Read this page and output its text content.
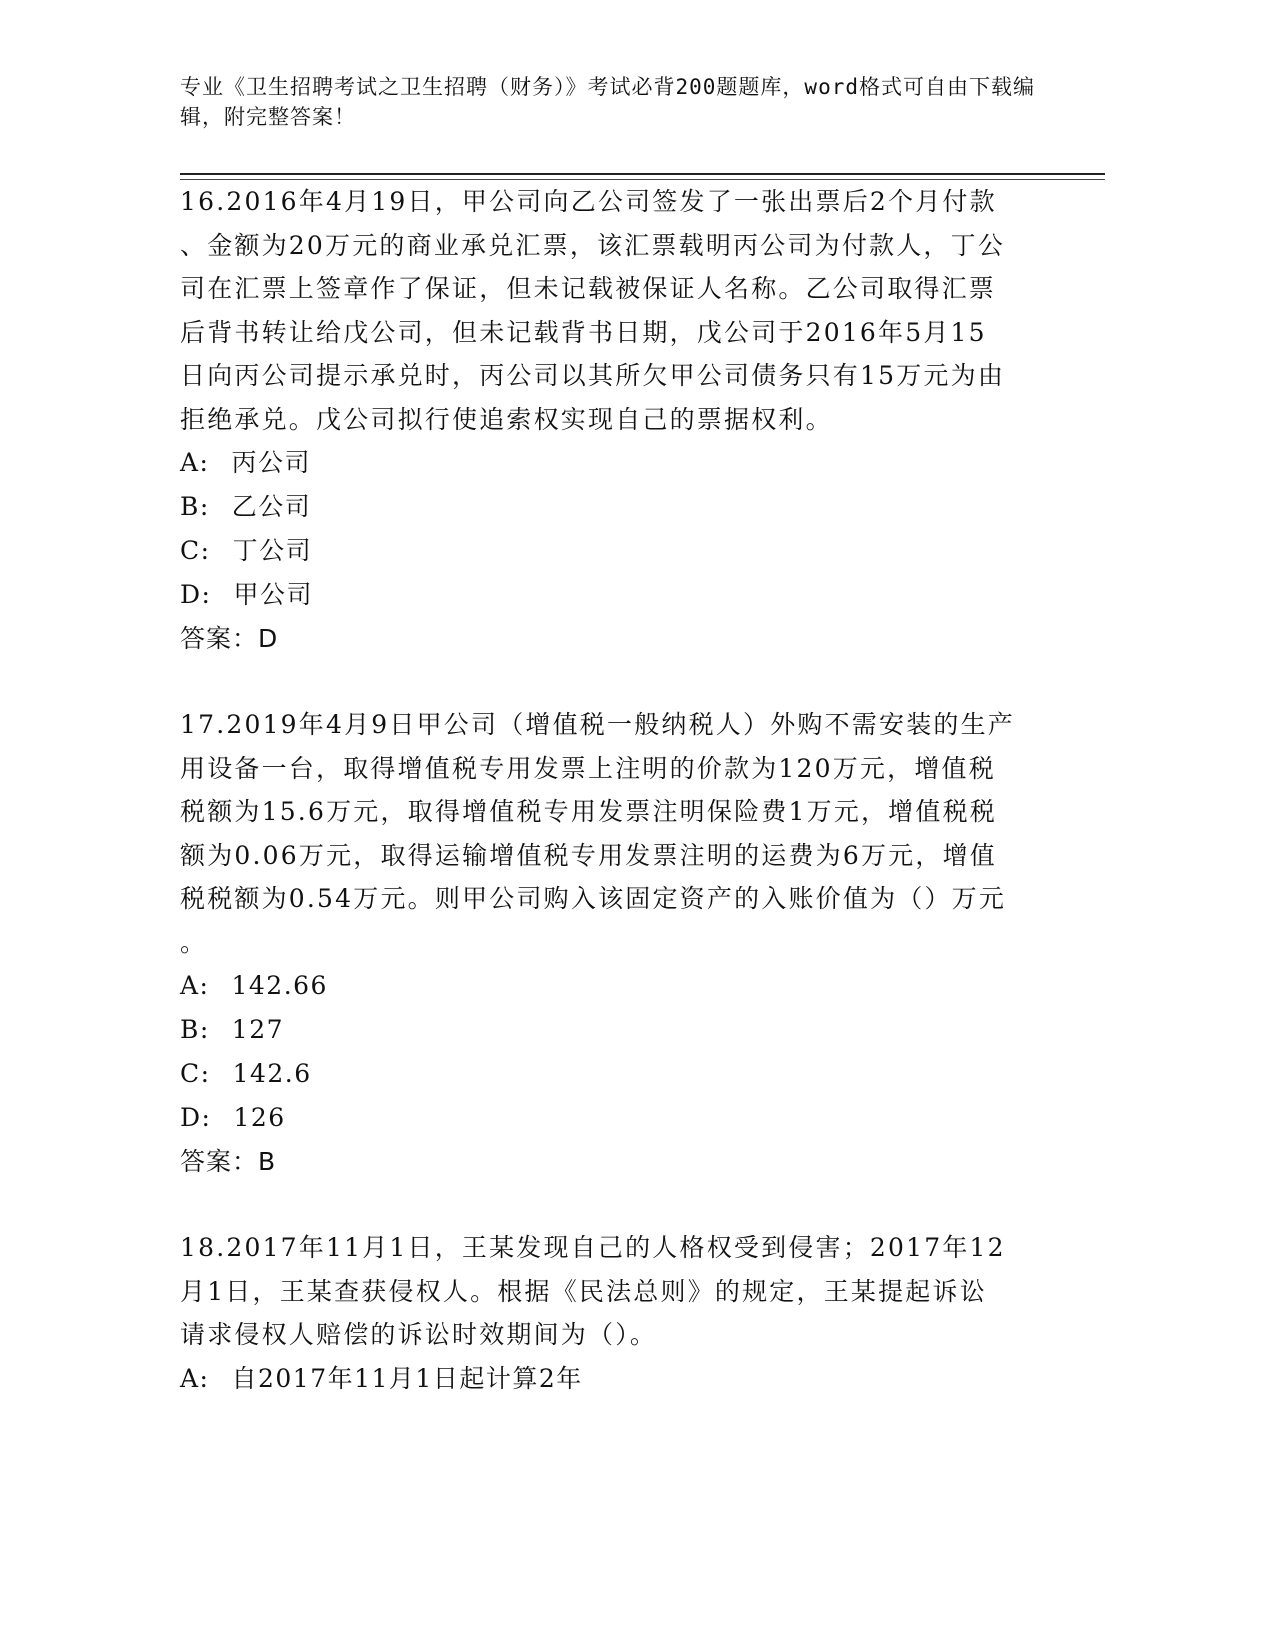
专业《卫生招聘考试之卫生招聘（财务）》考试必背200题题库，word格式可自由下载编辑，附完整答案！

16.2016年4月19日，甲公司向乙公司签发了一张出票后2个月付款
、金额为20万元的商业承兑汇票，该汇票载明丙公司为付款人，丁公
司在汇票上签章作了保证，但未记载被保证人名称。乙公司取得汇票
后背书转让给戊公司，但未记载背书日期，戊公司于2016年5月15
日向丙公司提示承兑时，丙公司以其所欠甲公司债务只有15万元为由
拒绝承兑。戊公司拟行使追索权实现自己的票据权利。

A: 丙公司
B: 乙公司
C: 丁公司
D: 甲公司
答案：D

17.2019年4月9日甲公司（增值税一般纳税人）外购不需安装的生产
用设备一台，取得增值税专用发票上注明的价款为120万元，增值税
税额为15.6万元，取得增值税专用发票注明保险费1万元，增值税税
额为0.06万元，取得运输增值税专用发票注明的运费为6万元，增值
税税额为0.54万元。则甲公司购入该固定资产的入账价值为（）万元
。

A: 142.66
B: 127
C: 142.6
D: 126
答案：B

18.2017年11月1日，王某发现自己的人格权受到侵害；2017年12
月1日，王某查获侵权人。根据《民法总则》的规定，王某提起诉讼
请求侵权人赔偿的诉讼时效期间为（）。

A: 自2017年11月1日起计算2年
